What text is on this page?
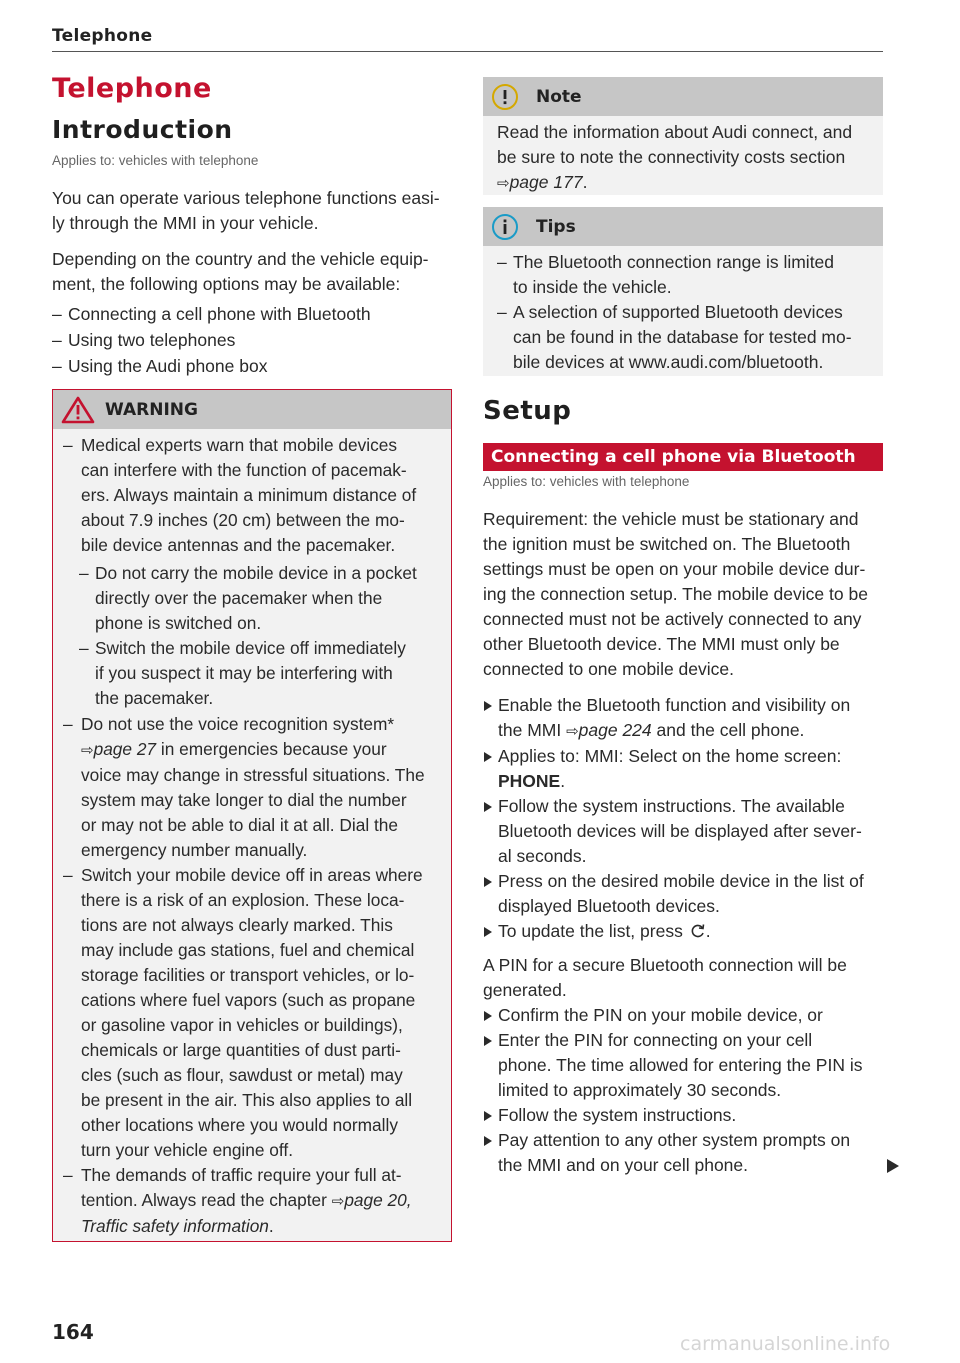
Telephone
Telephone
Introduction
Applies to: vehicles with telephone
You can operate various telephone functions easi-
ly through the MMI in your vehicle.
Depending on the country and the vehicle equip-
ment, the following options may be available:
– Connecting a cell phone with Bluetooth
– Using two telephones
– Using the Audi phone box
WARNING
– Medical experts warn that mobile devices
can interfere with the function of pacemak-
ers. Always maintain a minimum distance of
about 7.9 inches (20 cm) between the mo-
bile device antennas and the pacemaker.
– Do not carry the mobile device in a pocket
directly over the pacemaker when the
phone is switched on.
– Switch the mobile device off immediately
if you suspect it may be interfering with
the pacemaker.
– Do not use the voice recognition system*
⇨page 27 in emergencies because your
voice may change in stressful situations. The
system may take longer to dial the number
or may not be able to dial it at all. Dial the
emergency number manually.
– Switch your mobile device off in areas where
there is a risk of an explosion. These loca-
tions are not always clearly marked. This
may include gas stations, fuel and chemical
storage facilities or transport vehicles, or lo-
cations where fuel vapors (such as propane
or gasoline vapor in vehicles or buildings),
chemicals or large quantities of dust parti-
cles (such as flour, sawdust or metal) may
be present in the air. This also applies to all
other locations where you would normally
turn your vehicle engine off.
– The demands of traffic require your full at-
tention. Always read the chapter ⇨page 20,
Traffic safety information.
164
Note
Read the information about Audi connect, and
be sure to note the connectivity costs section
⇨page 177.
Tips
– The Bluetooth connection range is limited
to inside the vehicle.
– A selection of supported Bluetooth devices
can be found in the database for tested mo-
bile devices at www.audi.com/bluetooth.
Setup
Connecting a cell phone via Bluetooth
Applies to: vehicles with telephone
Requirement: the vehicle must be stationary and
the ignition must be switched on. The Bluetooth
settings must be open on your mobile device dur-
ing the connection setup. The mobile device to be
connected must not be actively connected to any
other Bluetooth device. The MMI must only be
connected to one mobile device.
Enable the Bluetooth function and visibility on
the MMI ⇨page 224 and the cell phone.
Applies to: MMI: Select on the home screen:
PHONE.
Follow the system instructions. The available
Bluetooth devices will be displayed after sever-
al seconds.
Press on the desired mobile device in the list of
displayed Bluetooth devices.
To update the list, press .
A PIN for a secure Bluetooth connection will be
generated.
Confirm the PIN on your mobile device, or
Enter the PIN for connecting on your cell
phone. The time allowed for entering the PIN is
limited to approximately 30 seconds.
Follow the system instructions.
Pay attention to any other system prompts on
the MMI and on your cell phone.
carmanualsonline.info
